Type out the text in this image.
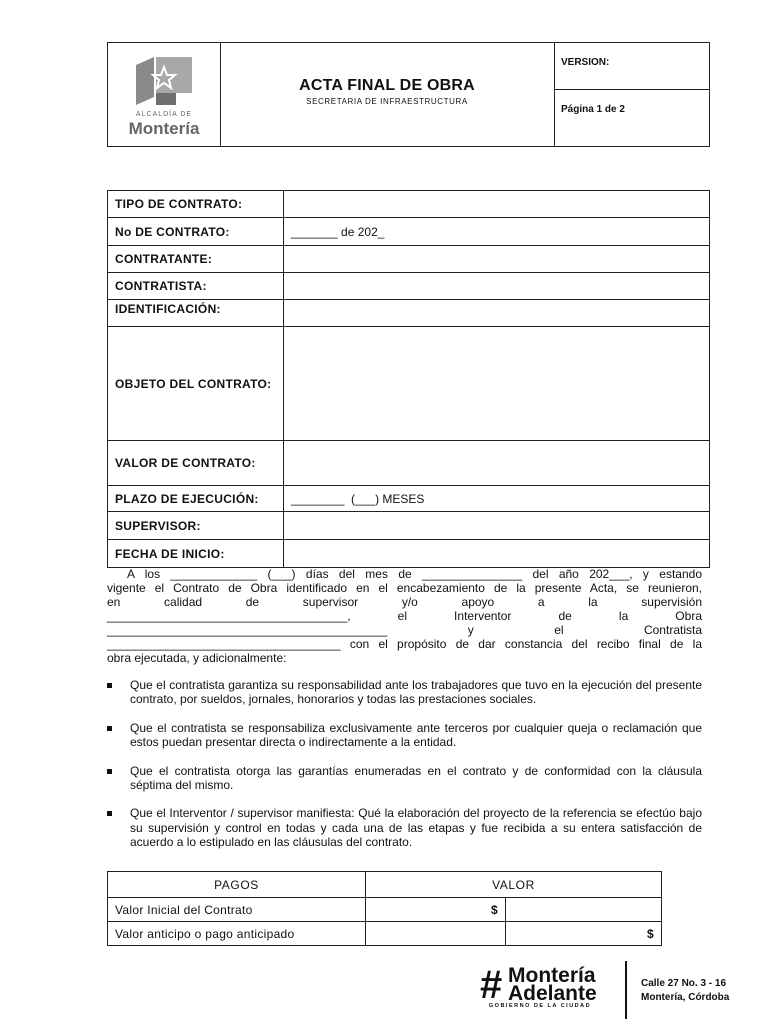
ALCALDÍA DE
Montería
ACTA FINAL DE OBRA
SECRETARIA DE INFRAESTRUCTURA
VERSION:
Página 1 de 2
TIPO DE CONTRATO:	
No DE CONTRATO:	_______ de 202_
CONTRATANTE:	
CONTRATISTA:	
IDENTIFICACIÓN:	
OBJETO DEL CONTRATO:	
VALOR DE CONTRATO:	
PLAZO DE EJECUCIÓN:	________  (___) MESES
SUPERVISOR:	
FECHA DE INICIO:	
A los _____________ (___) días del mes de _______________ del año 202___, y estando
vigente el Contrato de Obra identificado en el encabezamiento de la presente Acta, se reunieron,
en calidad de supervisor y/o apoyo a la supervisión
____________________________________, el Interventor de la Obra
__________________________________________ y el Contratista
___________________________________ con el propósito de dar constancia del recibo final de la
obra ejecutada, y adicionalmente:
Que el contratista garantiza su responsabilidad ante los trabajadores que tuvo en la ejecución del presente contrato, por sueldos, jornales, honorarios y todas las prestaciones sociales.
Que el contratista se responsabiliza exclusivamente ante terceros por cualquier queja o reclamación que estos puedan presentar directa o indirectamente a la entidad.
Que el contratista otorga las garantías enumeradas en el contrato y de conformidad con la cláusula séptima del mismo.
Que el Interventor / supervisor manifiesta: Qué la elaboración del proyecto de la referencia se efectúo bajo su supervisión y control en todas y cada una de las etapas y fue recibida a su entera satisfacción de acuerdo a lo estipulado en las cláusulas del contrato.
PAGOS	VALOR	
Valor Inicial del Contrato	$	
Valor anticipo o pago anticipado		$
# Montería
Adelante
GOBIERNO DE LA CIUDAD
Calle 27 No. 3 - 16
Montería, Córdoba
